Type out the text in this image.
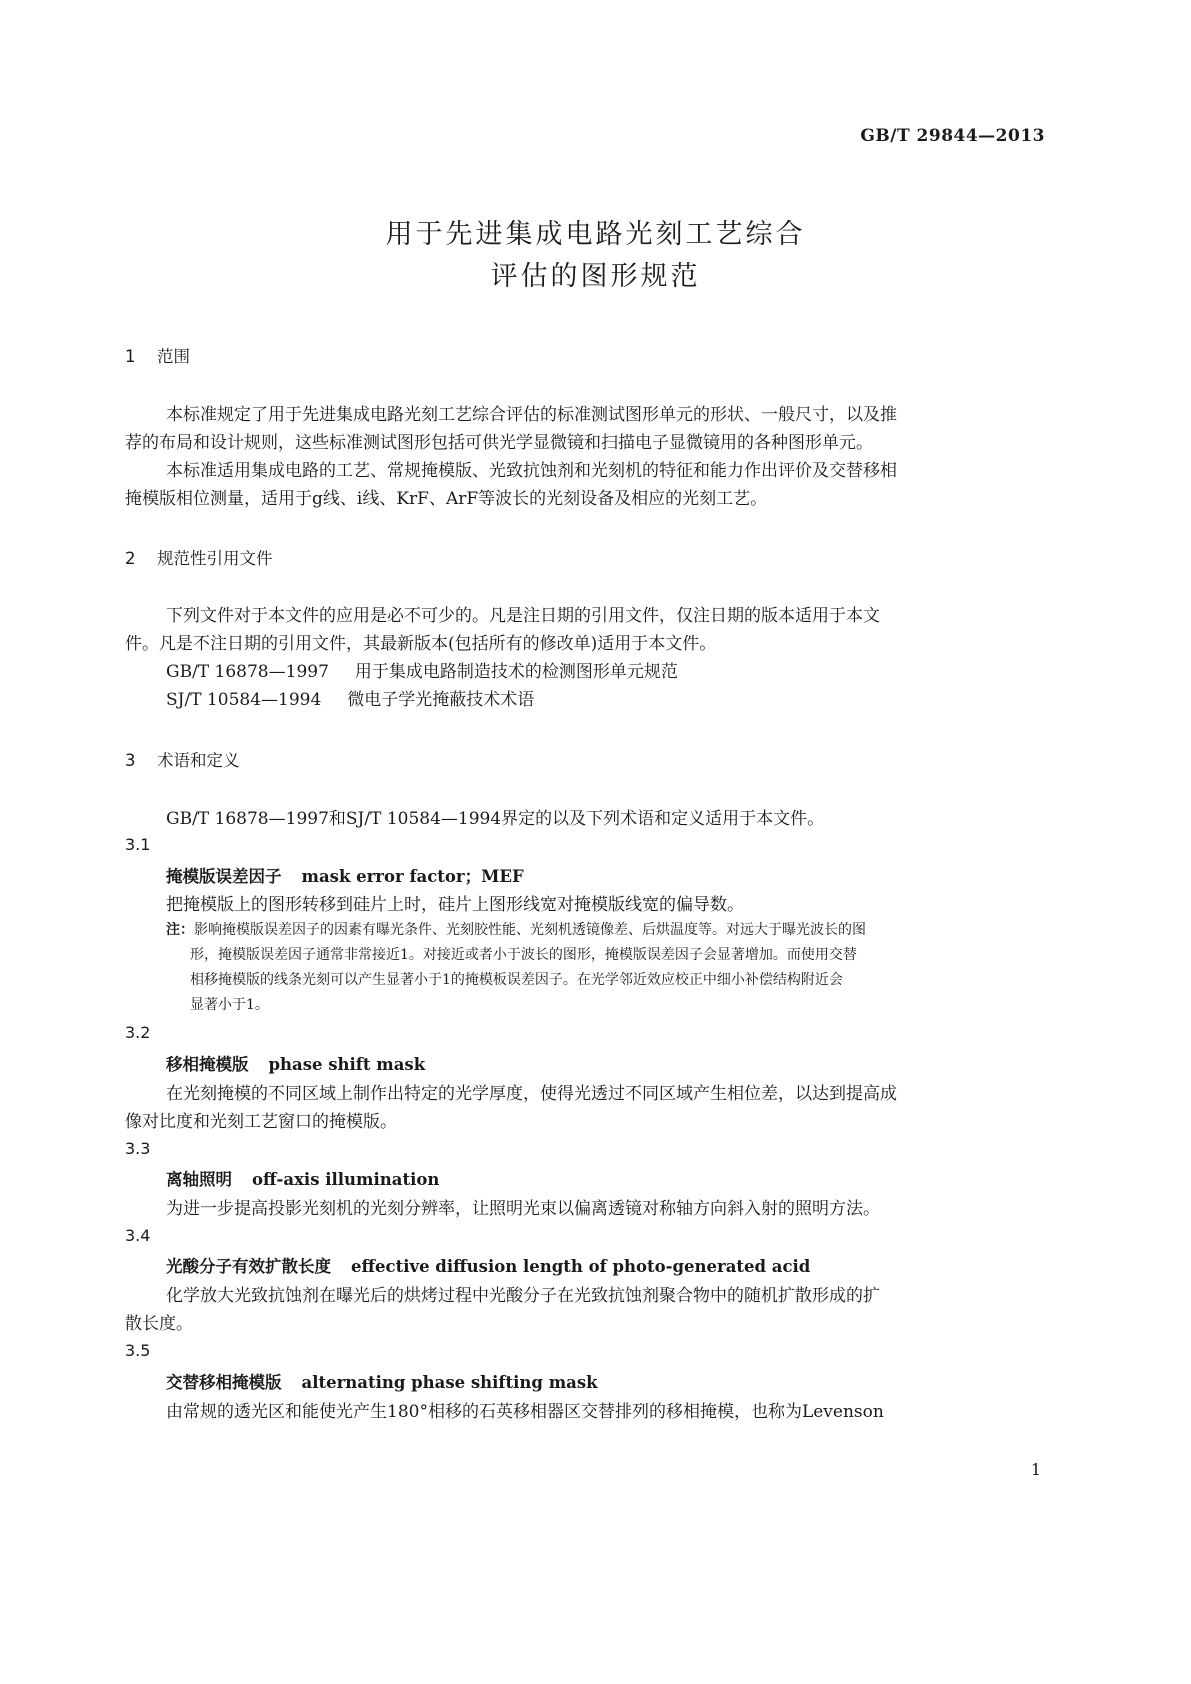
GB/T 29844—2013
用于先进集成电路光刻工艺综合
评估的图形规范
1 范围
本标准规定了用于先进集成电路光刻工艺综合评估的标准测试图形单元的形状、一般尺寸，以及推
荐的布局和设计规则，这些标准测试图形包括可供光学显微镜和扫描电子显微镜用的各种图形单元。
本标准适用集成电路的工艺、常规掩模版、光致抗蚀剂和光刻机的特征和能力作出评价及交替移相
掩模版相位测量，适用于g线、i线、KrF、ArF等波长的光刻设备及相应的光刻工艺。
2 规范性引用文件
下列文件对于本文件的应用是必不可少的。凡是注日期的引用文件，仅注日期的版本适用于本文
件。凡是不注日期的引用文件，其最新版本(包括所有的修改单)适用于本文件。
GB/T 16878—1997 用于集成电路制造技术的检测图形单元规范
SJ/T 10584—1994 微电子学光掩蔽技术术语
3 术语和定义
GB/T 16878—1997和SJ/T 10584—1994界定的以及下列术语和定义适用于本文件。
3.1
掩模版误差因子 mask error factor；MEF
把掩模版上的图形转移到硅片上时，硅片上图形线宽对掩模版线宽的偏导数。
注：影响掩模版误差因子的因素有曝光条件、光刻胶性能、光刻机透镜像差、后烘温度等。对远大于曝光波长的图
形，掩模版误差因子通常非常接近1。对接近或者小于波长的图形，掩模版误差因子会显著增加。而使用交替
相移掩模版的线条光刻可以产生显著小于1的掩模板误差因子。在光学邻近效应校正中细小补偿结构附近会
显著小于1。
3.2
移相掩模版 phase shift mask
在光刻掩模的不同区域上制作出特定的光学厚度，使得光透过不同区域产生相位差，以达到提高成
像对比度和光刻工艺窗口的掩模版。
3.3
离轴照明 off-axis illumination
为进一步提高投影光刻机的光刻分辨率，让照明光束以偏离透镜对称轴方向斜入射的照明方法。
3.4
光酸分子有效扩散长度 effective diffusion length of photo-generated acid
化学放大光致抗蚀剂在曝光后的烘烤过程中光酸分子在光致抗蚀剂聚合物中的随机扩散形成的扩
散长度。
3.5
交替移相掩模版 alternating phase shifting mask
由常规的透光区和能使光产生180°相移的石英移相器区交替排列的移相掩模，也称为Levenson
1
